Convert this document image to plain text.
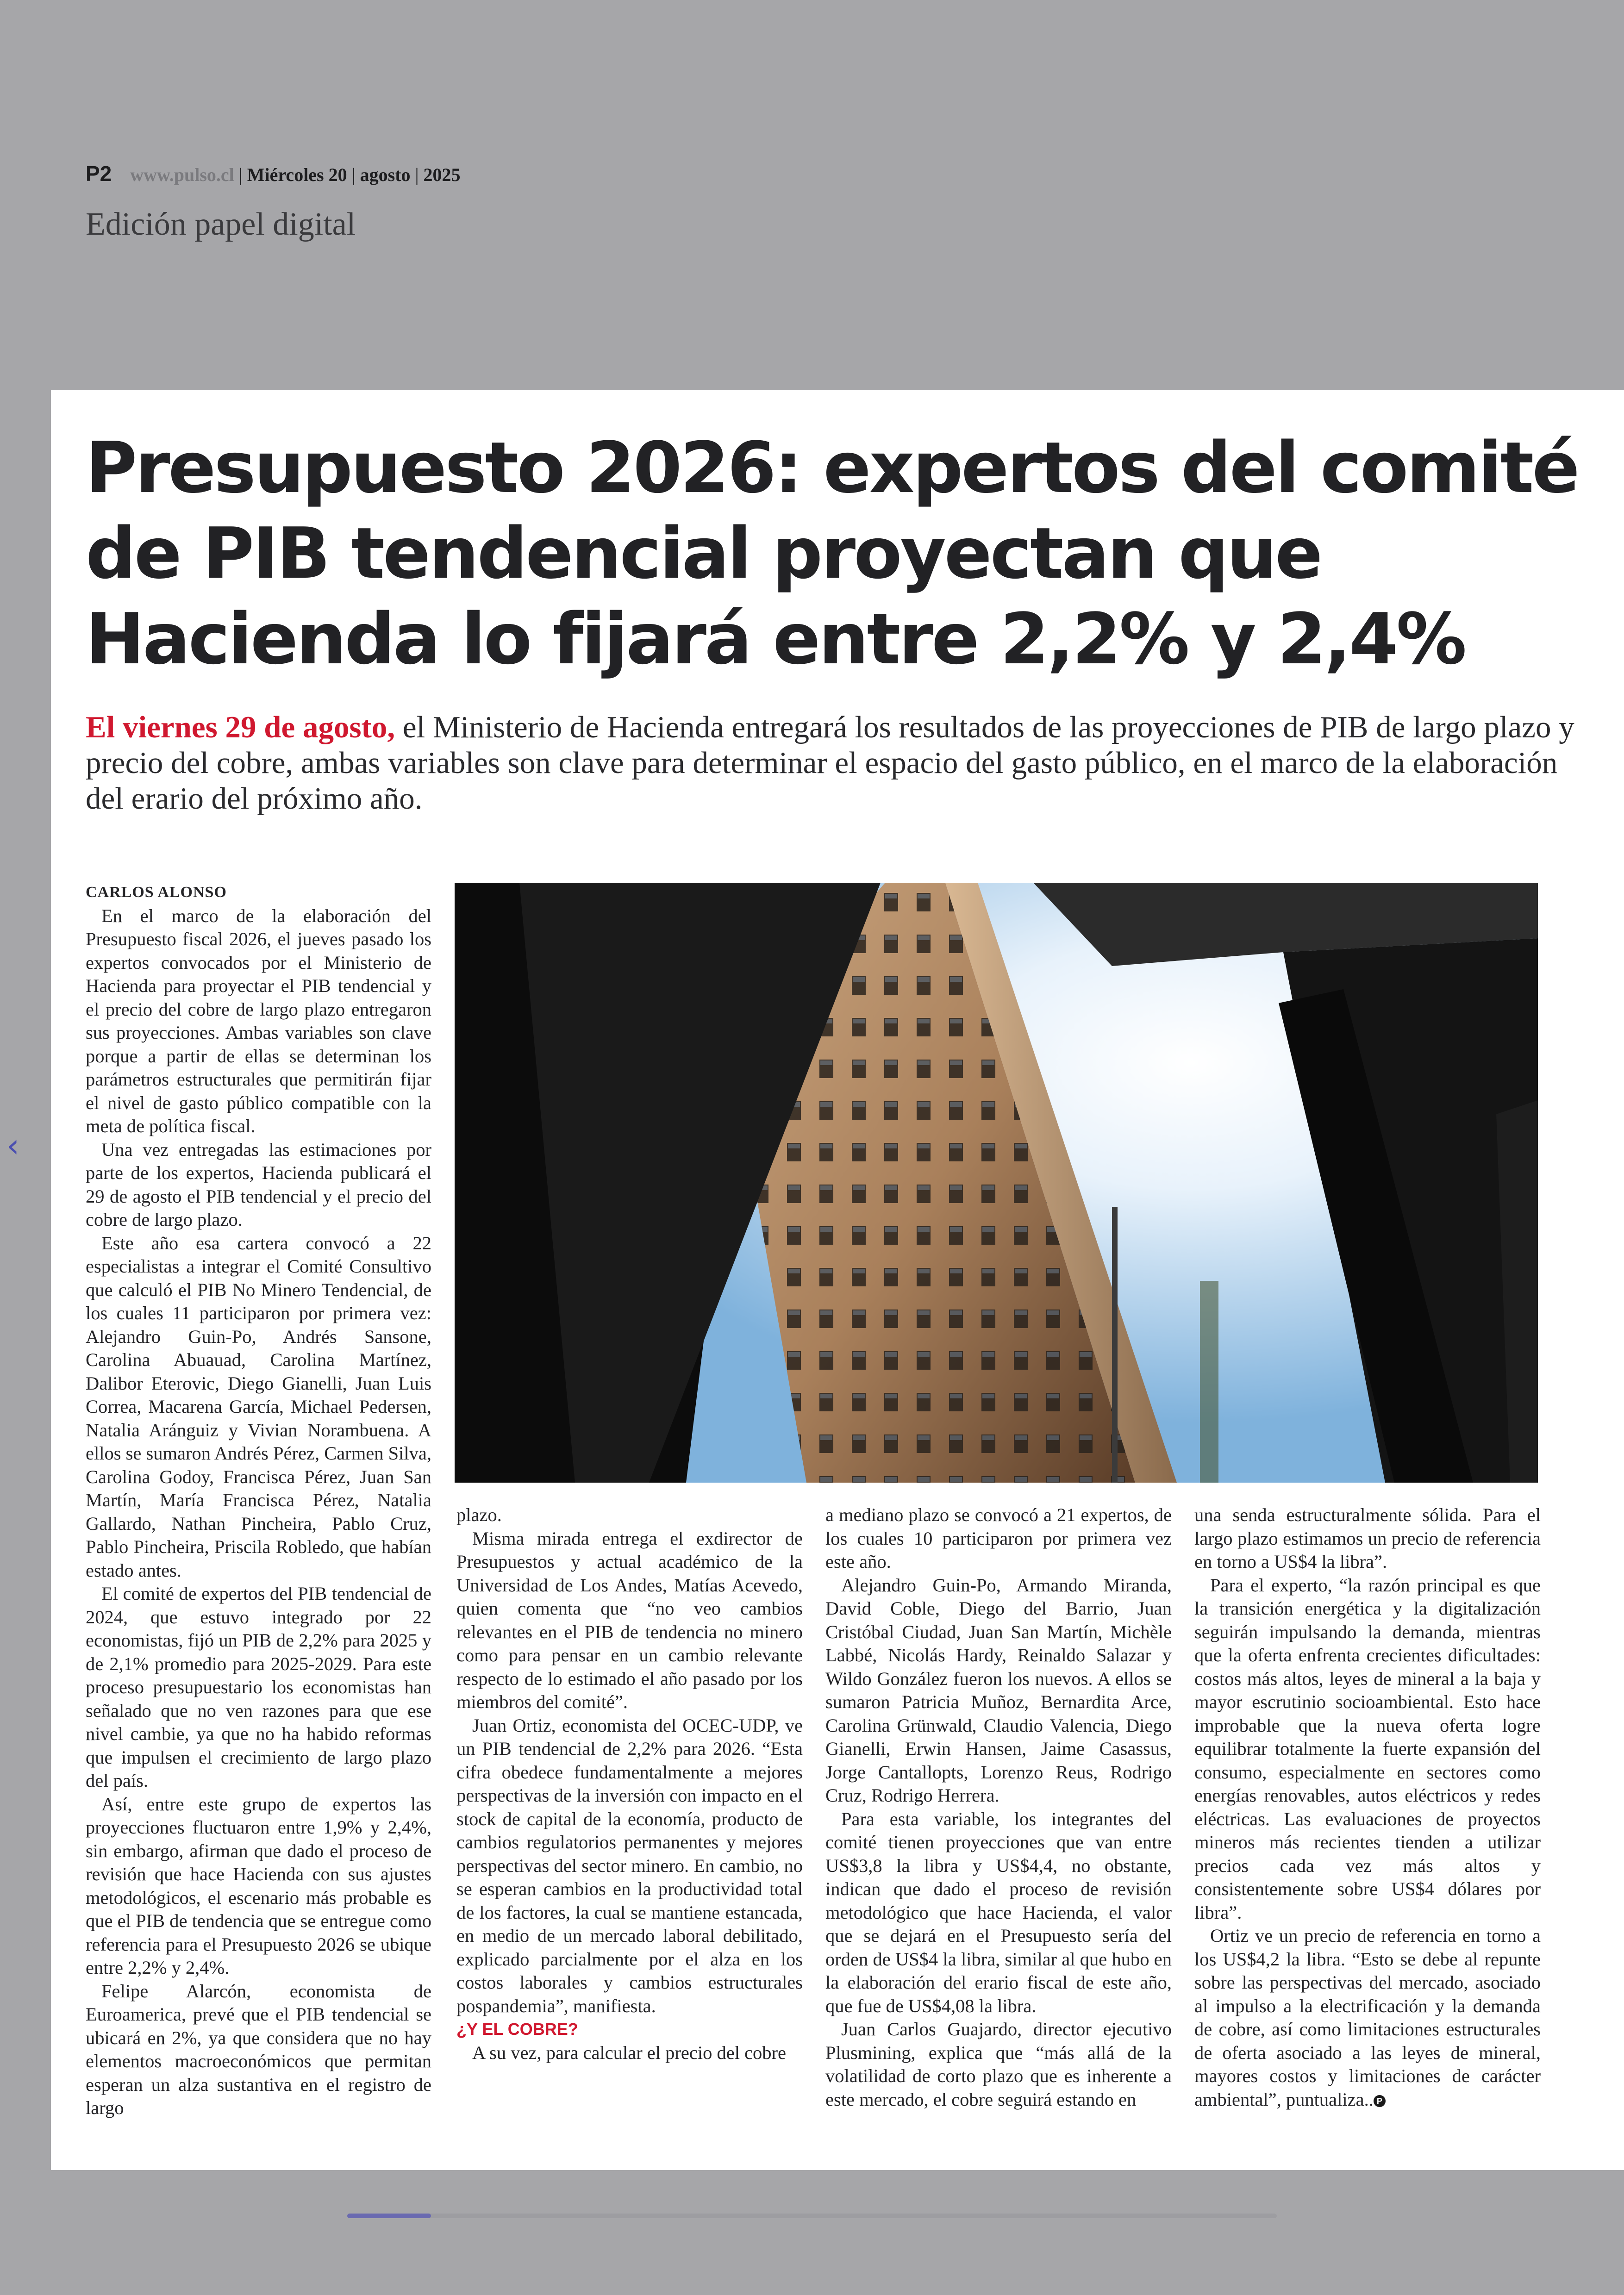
P2 www.pulso.cl | Miércoles 20 | agosto | 2025
Edición papel digital
‹
Presupuesto 2026: expertos del comité de PIB tendencial proyectan que Hacienda lo fijará entre 2,2% y 2,4%

El viernes 29 de agosto, el Ministerio de Hacienda entregará los resultados de las proyecciones de PIB de largo plazo y precio del cobre, ambas variables son clave para determinar el espacio del gasto público, en el marco de la elaboración del erario del próximo año.

CARLOS ALONSO

En el marco de la elaboración del Presupuesto fiscal 2026, el jueves pasado los expertos convocados por el Ministerio de Hacienda para proyectar el PIB tendencial y el precio del cobre de largo plazo entregaron sus proyecciones. Ambas variables son clave porque a partir de ellas se determinan los parámetros estructurales que permitirán fijar el nivel de gasto público compatible con la meta de política fiscal.

Una vez entregadas las estimaciones por parte de los expertos, Hacienda publicará el 29 de agosto el PIB tendencial y el precio del cobre de largo plazo.

Este año esa cartera convocó a 22 especialistas a integrar el Comité Consultivo que calculó el PIB No Minero Tendencial, de los cuales 11 participaron por primera vez: Alejandro Guin-Po, Andrés Sansone, Carolina Abuauad, Carolina Martínez, Dalibor Eterovic, Diego Gianelli, Juan Luis Correa, Macarena García, Michael Pedersen, Natalia Aránguiz y Vivian Norambuena. A ellos se sumaron Andrés Pérez, Carmen Silva, Carolina Godoy, Francisca Pérez, Juan San Martín, María Francisca Pérez, Natalia Gallardo, Nathan Pincheira, Pablo Cruz, Pablo Pincheira, Priscila Robledo, que habían estado antes.

El comité de expertos del PIB tendencial de 2024, que estuvo integrado por 22 economistas, fijó un PIB de 2,2% para 2025 y de 2,1% promedio para 2025-2029. Para este proceso presupuestario los economistas han señalado que no ven razones para que ese nivel cambie, ya que no ha habido reformas que impulsen el crecimiento de largo plazo del país.

Así, entre este grupo de expertos las proyecciones fluctuaron entre 1,9% y 2,4%, sin embargo, afirman que dado el proceso de revisión que hace Hacienda con sus ajustes metodológicos, el escenario más probable es que el PIB de tendencia que se entregue como referencia para el Presupuesto 2026 se ubique entre 2,2% y 2,4%.

Felipe Alarcón, economista de Euroamerica, prevé que el PIB tendencial se ubicará en 2%, ya que considera que no hay elementos macroeconómicos que permitan esperan un alza sustantiva en el registro de largo

plazo.

Misma mirada entrega el exdirector de Presupuestos y actual académico de la Universidad de Los Andes, Matías Acevedo, quien comenta que “no veo cambios relevantes en el PIB de tendencia no minero como para pensar en un cambio relevante respecto de lo estimado el año pasado por los miembros del comité”.

Juan Ortiz, economista del OCEC-UDP, ve un PIB tendencial de 2,2% para 2026. “Esta cifra obedece fundamentalmente a mejores perspectivas de la inversión con impacto en el stock de capital de la economía, producto de cambios regulatorios permanentes y mejores perspectivas del sector minero. En cambio, no se esperan cambios en la productividad total de los factores, la cual se mantiene estancada, en medio de un mercado laboral debilitado, explicado parcialmente por el alza en los costos laborales y cambios estructurales pospandemia”, manifiesta.

¿Y EL COBRE?

A su vez, para calcular el precio del cobre

a mediano plazo se convocó a 21 expertos, de los cuales 10 participaron por primera vez este año.

Alejandro Guin-Po, Armando Miranda, David Coble, Diego del Barrio, Juan Cristóbal Ciudad, Juan San Martín, Michèle Labbé, Nicolás Hardy, Reinaldo Salazar y Wildo González fueron los nuevos. A ellos se sumaron Patricia Muñoz, Bernardita Arce, Carolina Grünwald, Claudio Valencia, Diego Gianelli, Erwin Hansen, Jaime Casassus, Jorge Cantallopts, Lorenzo Reus, Rodrigo Cruz, Rodrigo Herrera.

Para esta variable, los integrantes del comité tienen proyecciones que van entre US$3,8 la libra y US$4,4, no obstante, indican que dado el proceso de revisión metodológico que hace Hacienda, el valor que se dejará en el Presupuesto sería del orden de US$4 la libra, similar al que hubo en la elaboración del erario fiscal de este año, que fue de US$4,08 la libra.

Juan Carlos Guajardo, director ejecutivo Plusmining, explica que “más allá de la volatilidad de corto plazo que es inherente a este mercado, el cobre seguirá estando en

una senda estructuralmente sólida. Para el largo plazo estimamos un precio de referencia en torno a US$4 la libra”.

Para el experto, “la razón principal es que la transición energética y la digitalización seguirán impulsando la demanda, mientras que la oferta enfrenta crecientes dificultades: costos más altos, leyes de mineral a la baja y mayor escrutinio socioambiental. Esto hace improbable que la nueva oferta logre equilibrar totalmente la fuerte expansión del consumo, especialmente en sectores como energías renovables, autos eléctricos y redes eléctricas. Las evaluaciones de proyectos mineros más recientes tienden a utilizar precios cada vez más altos y consistentemente sobre US$4 dólares por libra”.

Ortiz ve un precio de referencia en torno a los US$4,2 la libra. “Esto se debe al repunte sobre las perspectivas del mercado, asociado al impulso a la electrificación y la demanda de cobre, así como limitaciones estructurales de oferta asociado a las leyes de mineral, mayores costos y limitaciones de carácter ambiental”, puntualiza.. P
